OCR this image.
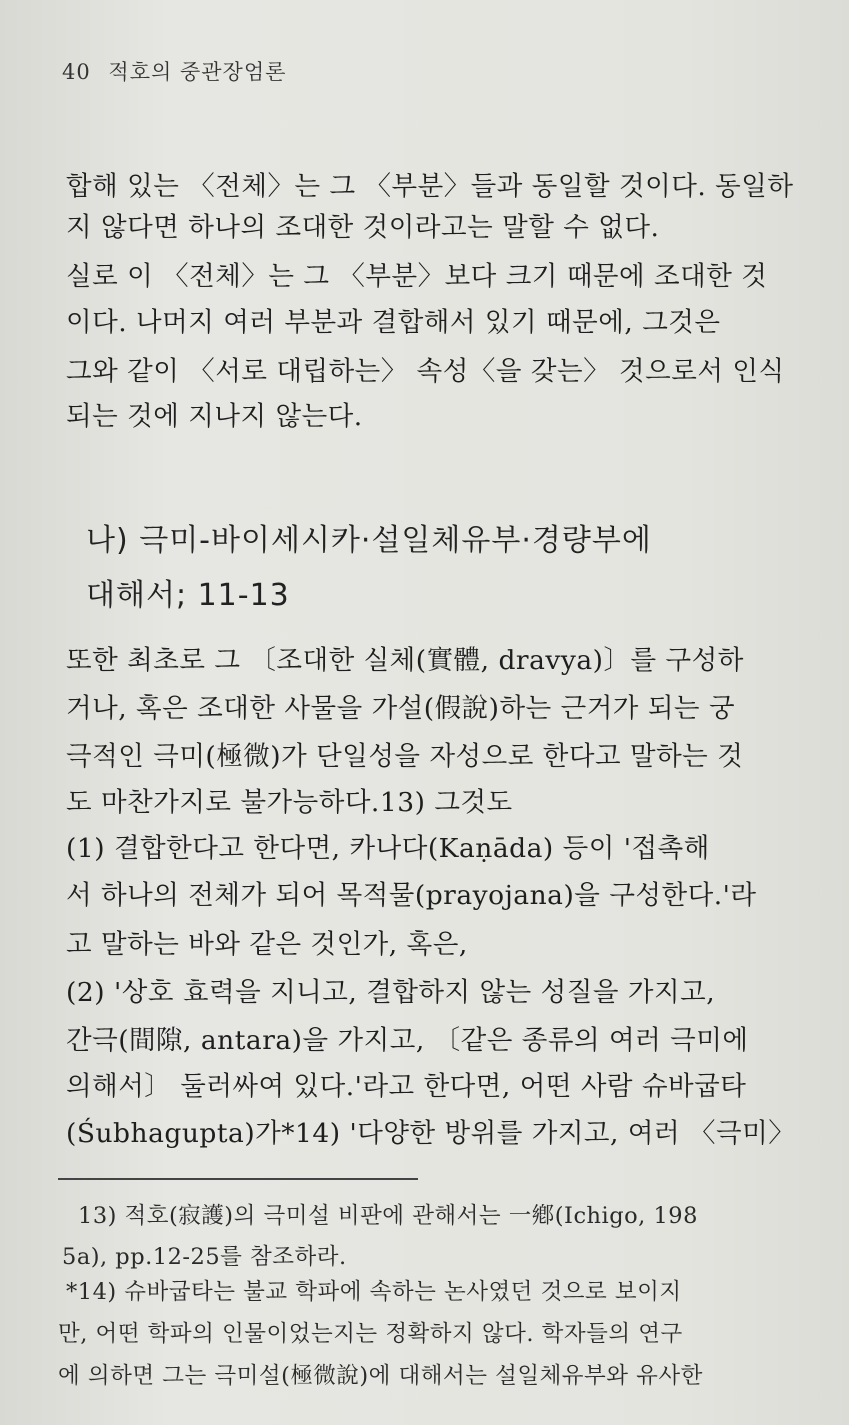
40 적호의 중관장엄론
합해 있는 〈전체〉는 그 〈부분〉들과 동일할 것이다. 동일하
지 않다면 하나의 조대한 것이라고는 말할 수 없다.
실로 이 〈전체〉는 그 〈부분〉보다 크기 때문에 조대한 것
이다. 나머지 여러 부분과 결합해서 있기 때문에, 그것은
그와 같이 〈서로 대립하는〉 속성〈을 갖는〉 것으로서 인식
되는 것에 지나지 않는다.
나) 극미-바이세시카·설일체유부·경량부에
대해서; 11-13
또한 최초로 그 〔조대한 실체(實體, dravya)〕를 구성하
거나, 혹은 조대한 사물을 가설(假說)하는 근거가 되는 궁
극적인 극미(極微)가 단일성을 자성으로 한다고 말하는 것
도 마찬가지로 불가능하다.13) 그것도
(1) 결합한다고 한다면, 카나다(Kaṇāda) 등이 '접촉해
서 하나의 전체가 되어 목적물(prayojana)을 구성한다.'라
고 말하는 바와 같은 것인가, 혹은,
(2) '상호 효력을 지니고, 결합하지 않는 성질을 가지고,
간극(間隙, antara)을 가지고, 〔같은 종류의 여러 극미에
의해서〕 둘러싸여 있다.'라고 한다면, 어떤 사람 슈바굽타
(Śubhagupta)가*14) '다양한 방위를 가지고, 여러 〈극미〉
13) 적호(寂護)의 극미설 비판에 관해서는 一鄕(Ichigo, 198
5a), pp.12-25를 참조하라.
*14) 슈바굽타는 불교 학파에 속하는 논사였던 것으로 보이지
만, 어떤 학파의 인물이었는지는 정확하지 않다. 학자들의 연구
에 의하면 그는 극미설(極微說)에 대해서는 설일체유부와 유사한
